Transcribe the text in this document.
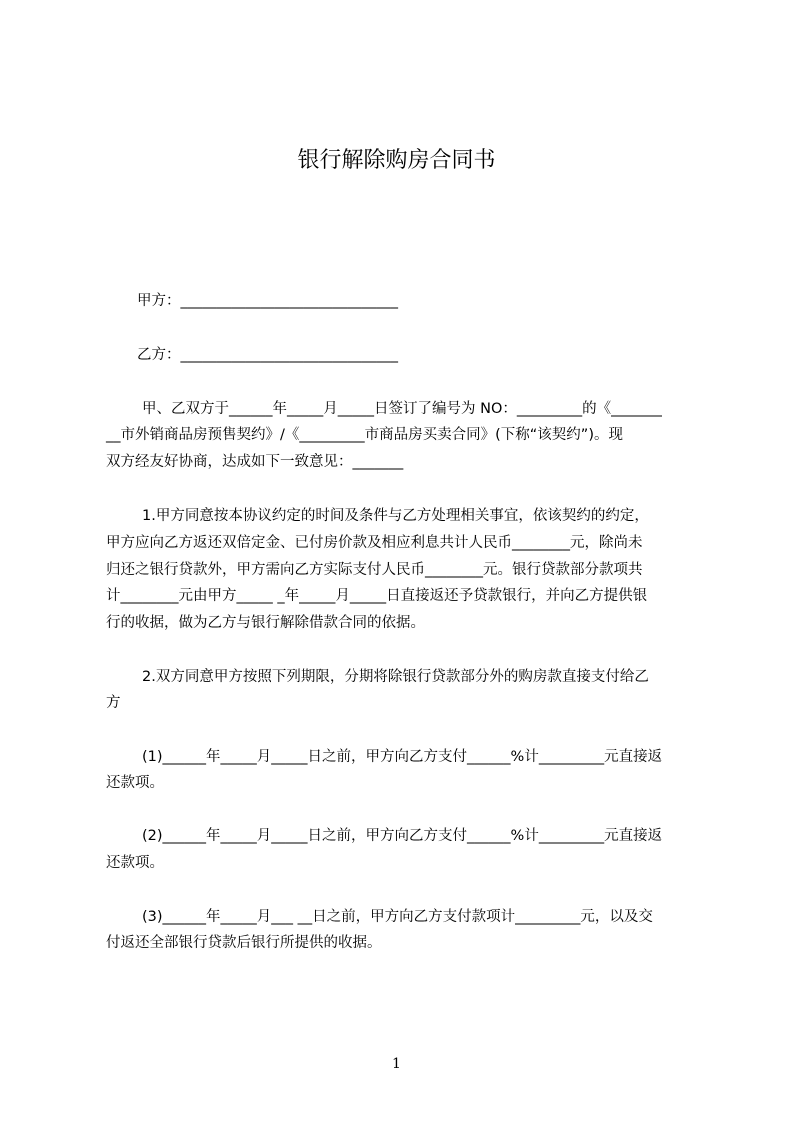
银行解除购房合同书
甲方：______________________________
乙方：______________________________
甲、乙双方于______年_____月_____日签订了编号为 NO：_________的《_______
__市外销商品房预售契约》/《_________市商品房买卖合同》(下称“该契约”)。现
双方经友好协商，达成如下一致意见：_______
1.甲方同意按本协议约定的时间及条件与乙方处理相关事宜，依该契约的约定，
甲方应向乙方返还双倍定金、已付房价款及相应利息共计人民币________元，除尚未
归还之银行贷款外，甲方需向乙方实际支付人民币________元。银行贷款部分款项共
计________元由甲方_____ _年_____月_____日直接返还予贷款银行，并向乙方提供银
行的收据，做为乙方与银行解除借款合同的依据。
2.双方同意甲方按照下列期限，分期将除银行贷款部分外的购房款直接支付给乙
方
(1)______年_____月_____日之前，甲方向乙方支付______%计_________元直接返
还款项。
(2)______年_____月_____日之前，甲方向乙方支付______%计_________元直接返
还款项。
(3)______年_____月___ __日之前，甲方向乙方支付款项计_________元，以及交
付返还全部银行贷款后银行所提供的收据。
1
